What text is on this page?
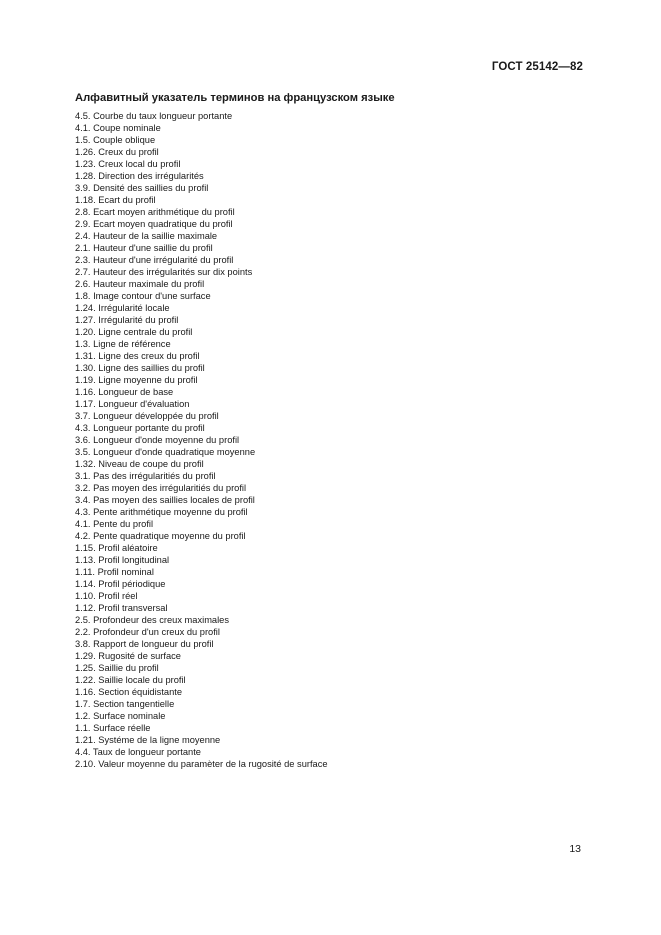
ГОСТ 25142—82
Алфавитный указатель терминов на французском языке
4.5. Courbe du taux longueur portante
4.1. Coupe nominale
1.5. Couple oblique
1.26. Creux du profil
1.23. Creux local du profil
1.28. Direction des irrégularités
3.9. Densité des saillies du profil
1.18. Ecart du profil
2.8. Ecart moyen arithmétique du profil
2.9. Ecart moyen quadratique du profil
2.4. Hauteur de la saillie maximale
2.1. Hauteur d'une saillie du profil
2.3. Hauteur d'une irrégularité du profil
2.7. Hauteur des irrégularités sur dix points
2.6. Hauteur maximale du profil
1.8. Image contour d'une surface
1.24. Irrégularité locale
1.27. Irrégularité du profil
1.20. Ligne centrale du profil
1.3. Ligne de référence
1.31. Ligne des creux du profil
1.30. Ligne des saillies du profil
1.19. Ligne moyenne du profil
1.16. Longueur de base
1.17. Longueur d'évaluation
3.7. Longueur développée du profil
4.3. Longueur portante du profil
3.6. Longueur d'onde moyenne du profil
3.5. Longueur d'onde quadratique moyenne
1.32. Niveau de coupe du profil
3.1. Pas des irrégularitiés du profil
3.2. Pas moyen des irrégularitiés du profil
3.4. Pas moyen des saillies locales de profil
4.3. Pente arithmétique moyenne du profil
4.1. Pente du profil
4.2. Pente quadratique moyenne du profil
1.15. Profil aléatoire
1.13. Profil longitudinal
1.11. Profil nominal
1.14. Profil périodique
1.10. Profil réel
1.12. Profil transversal
2.5. Profondeur des creux maximales
2.2. Profondeur d'un creux du profil
3.8. Rapport de longueur du profil
1.29. Rugosité de surface
1.25. Saillie du profil
1.22. Saillie locale du profil
1.16. Section équidistante
1.7. Section tangentielle
1.2. Surface nominale
1.1. Surface réelle
1.21. Systéme de la ligne moyenne
4.4. Taux de longueur portante
2.10. Valeur moyenne du paramèter de la rugosité de surface
13
